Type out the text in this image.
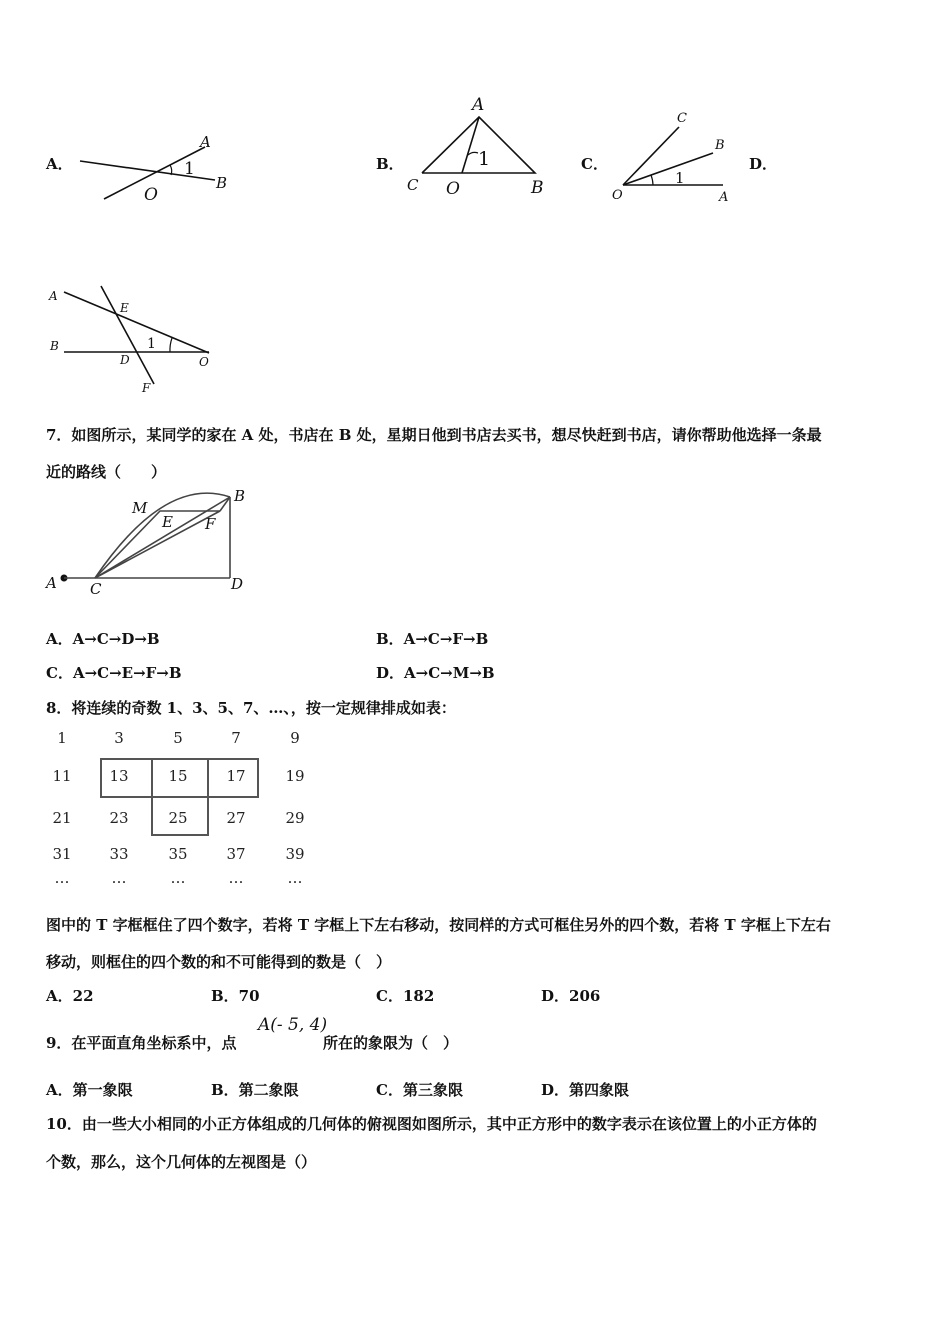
A．
A
B
O
1	B．
A
C O	B
1	C．
C
B
O	A
1
D．
A
B
E
D
F
O
1
7．如图所示，某同学的家在 A 处，书店在 B 处，星期日他到书店去买书，想尽快赶到书店，请你帮助他选择一条最
近的路线（　　）
A C	D
B
M
E F
A．A→C→D→B	B．A→C→F→B
C．A→C→E→F→B	D．A→C→M→B
8．将连续的奇数 1、3、5、7、…、，按一定规律排成如表：
1	3	5	7	9
11	13	15	17	19
21	23	25	27	29
31	33	35	37	39
…	…	…	…	…
图中的 T 字框框住了四个数字，若将 T 字框上下左右移动，按同样的方式可框住另外的四个数，若将 T 字框上下左右
移动，则框住的四个数的和不可能得到的数是（　）
A．22	B．70	C．182	D．206
9．在平面直角坐标系中，点
A(- 5, 4)
所在的象限为（　）
A．第一象限	B．第二象限	C．第三象限	D．第四象限
10．由一些大小相同的小正方体组成的几何体的俯视图如图所示，其中正方形中的数字表示在该位置上的小正方体的
个数，那么，这个几何体的左视图是（）
